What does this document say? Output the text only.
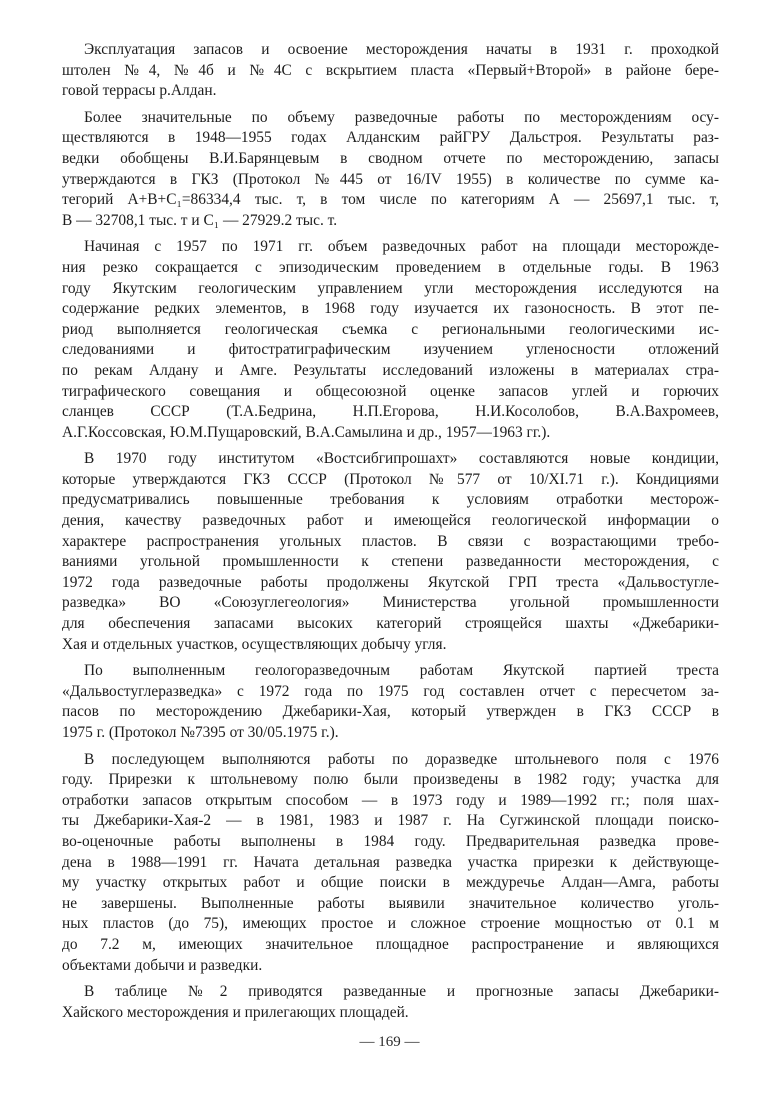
Эксплуатация запасов и освоение месторождения начаты в 1931 г. проходкой
штолен №4, №4б и №4С с вскрытием пласта «Первый+Второй» в районе бере-
говой террасы р.Алдан.
Более значительные по объему разведочные работы по месторождениям осу-
ществляются в 1948—1955 годах Алданским райГРУ Дальстроя. Результаты раз-
ведки обобщены В.И.Барянцевым в сводном отчете по месторождению, запасы
утверждаются в ГКЗ (Протокол №445 от 16/IV 1955) в количестве по сумме ка-
тегорий А+В+С₁=86334,4 тыс. т, в том числе по категориям А — 25697,1 тыс. т,
В — 32708,1 тыс. т и С₁ — 27929.2 тыс. т.
Начиная с 1957 по 1971 гг. объем разведочных работ на площади месторожде-
ния резко сокращается с эпизодическим проведением в отдельные годы. В 1963
году Якутским геологическим управлением угли месторождения исследуются на
содержание редких элементов, в 1968 году изучается их газоносность. В этот пе-
риод выполняется геологическая съемка с региональными геологическими ис-
следованиями и фитостратиграфическим изучением угленосности отложений
по рекам Алдану и Амге. Результаты исследований изложены в материалах стра-
тиграфического совещания и общесоюзной оценке запасов углей и горючих
сланцев СССР (Т.А.Бедрина, Н.П.Егорова, Н.И.Косолобов, В.А.Вахромеев,
А.Г.Коссовская, Ю.М.Пущаровский, В.А.Самылина и др., 1957—1963 гг.).
В 1970 году институтом «Востсибгипрошахт» составляются новые кондиции,
которые утверждаются ГКЗ СССР (Протокол №577 от 10/XI.71 г.). Кондициями
предусматривались повышенные требования к условиям отработки месторож-
дения, качеству разведочных работ и имеющейся геологической информации о
характере распространения угольных пластов. В связи с возрастающими требо-
ваниями угольной промышленности к степени разведанности месторождения, с
1972 года разведочные работы продолжены Якутской ГРП треста «Дальвостугле-
разведка» ВО «Союзуглегеология» Министерства угольной промышленности
для обеспечения запасами высоких категорий строящейся шахты «Джебарики-
Хая и отдельных участков, осуществляющих добычу угля.
По выполненным геологоразведочным работам Якутской партией треста
«Дальвостуглеразведка» с 1972 года по 1975 год составлен отчет с пересчетом за-
пасов по месторождению Джебарики-Хая, который утвержден в ГКЗ СССР в
1975 г. (Протокол №7395 от 30/05.1975 г.).
В последующем выполняются работы по доразведке штольневого поля с 1976
году. Прирезки к штольневому полю были произведены в 1982 году; участка для
отработки запасов открытым способом — в 1973 году и 1989—1992 гг.; поля шах-
ты Джебарики-Хая-2 — в 1981, 1983 и 1987 г. На Сугжинской площади поиско-
во-оценочные работы выполнены в 1984 году. Предварительная разведка прове-
дена в 1988—1991 гг. Начата детальная разведка участка прирезки к действующе-
му участку открытых работ и общие поиски в междуречье Алдан—Амга, работы
не завершены. Выполненные работы выявили значительное количество уголь-
ных пластов (до 75), имеющих простое и сложное строение мощностью от 0.1 м
до 7.2 м, имеющих значительное площадное распространение и являющихся
объектами добычи и разведки.
В таблице №2 приводятся разведанные и прогнозные запасы Джебарики-
Хайского месторождения и прилегающих площадей.
— 169 —
